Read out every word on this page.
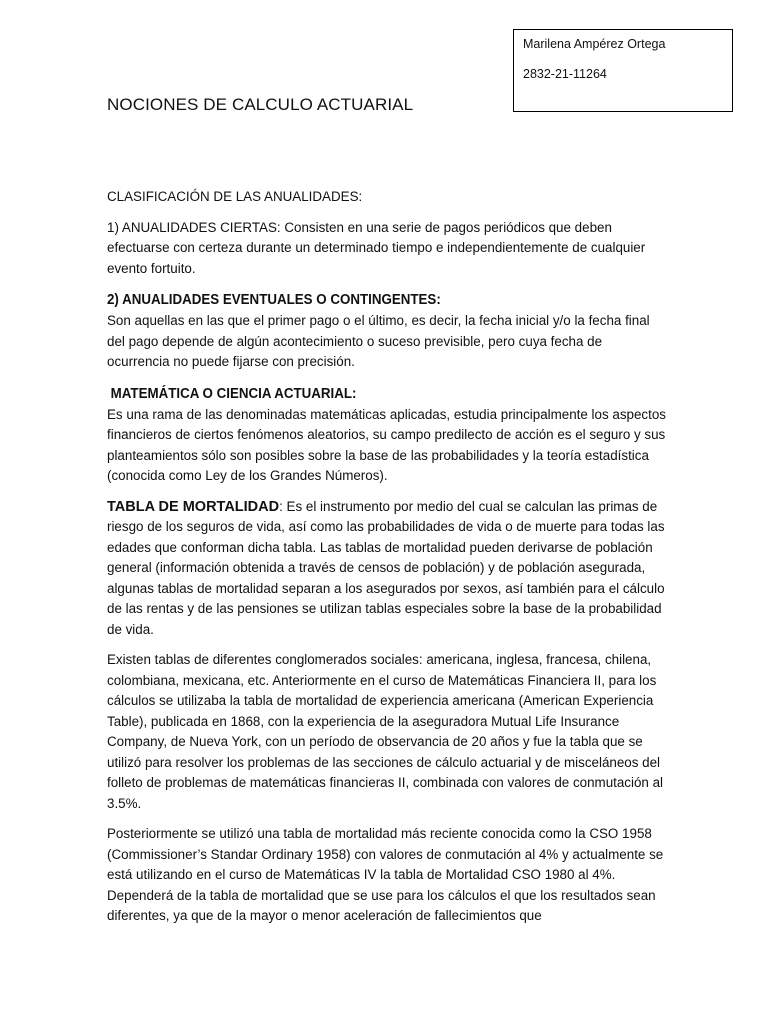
Marilena Ampérez Ortega
2832-21-11264
NOCIONES DE CALCULO ACTUARIAL

CLASIFICACIÓN DE LAS ANUALIDADES:

1) ANUALIDADES CIERTAS: Consisten en una serie de pagos periódicos que deben efectuarse con certeza durante un determinado tiempo e independientemente de cualquier evento fortuito.

2) ANUALIDADES EVENTUALES O CONTINGENTES:

Son aquellas en las que el primer pago o el último, es decir, la fecha inicial y/o la fecha final del pago depende de algún acontecimiento o suceso previsible, pero cuya fecha de ocurrencia no puede fijarse con precisión.

MATEMÁTICA O CIENCIA ACTUARIAL:

Es una rama de las denominadas matemáticas aplicadas, estudia principalmente los aspectos financieros de ciertos fenómenos aleatorios, su campo predilecto de acción es el seguro y sus planteamientos sólo son posibles sobre la base de las probabilidades y la teoría estadística (conocida como Ley de los Grandes Números).

TABLA DE MORTALIDAD: Es el instrumento por medio del cual se calculan las primas de riesgo de los seguros de vida, así como las probabilidades de vida o de muerte para todas las edades que conforman dicha tabla. Las tablas de mortalidad pueden derivarse de población general (información obtenida a través de censos de población) y de población asegurada, algunas tablas de mortalidad separan a los asegurados por sexos, así también para el cálculo de las rentas y de las pensiones se utilizan tablas especiales sobre la base de la probabilidad de vida.

Existen tablas de diferentes conglomerados sociales: americana, inglesa, francesa, chilena, colombiana, mexicana, etc. Anteriormente en el curso de Matemáticas Financiera II, para los cálculos se utilizaba la tabla de mortalidad de experiencia americana (American Experiencia Table), publicada en 1868, con la experiencia de la aseguradora Mutual Life Insurance Company, de Nueva York, con un período de observancia de 20 años y fue la tabla que se utilizó para resolver los problemas de las secciones de cálculo actuarial y de misceláneos del folleto de problemas de matemáticas financieras II, combinada con valores de conmutación al 3.5%.

Posteriormente se utilizó una tabla de mortalidad más reciente conocida como la CSO 1958 (Commissioner’s Standar Ordinary 1958) con valores de conmutación al 4% y actualmente se está utilizando en el curso de Matemáticas IV la tabla de Mortalidad CSO 1980 al 4%. Dependerá de la tabla de mortalidad que se use para los cálculos el que los resultados sean diferentes, ya que de la mayor o menor aceleración de fallecimientos que
